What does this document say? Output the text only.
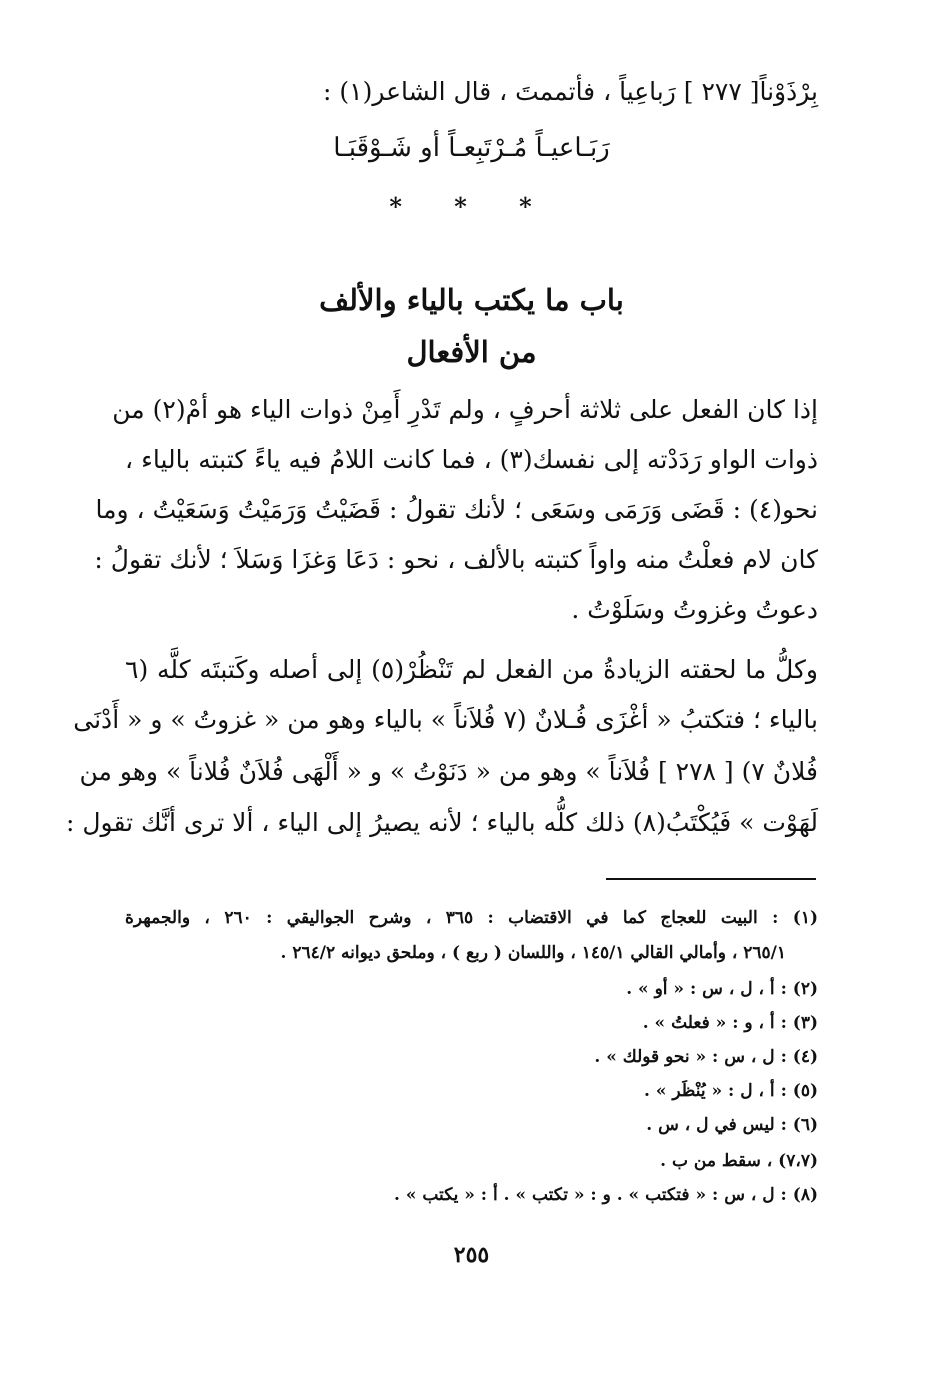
بِرْذَوْناً[ ٢٧٧ ] رَباعِياً ، فأتممتَ ، قال الشاعر(١) :
رَبَـاعيـاً مُـرْتَبِعـاً أو شَـوْقَبَـا
* * *
باب ما يكتب بالياء والألف
من الأفعال
إذا كان الفعل على ثلاثة أحرفٍ ، ولم تَدْرِ أَمِنْ ذوات الياء هو أمْ(٢) من
ذوات الواو رَدَدْته إلى نفسك(٣) ، فما كانت اللامُ فيه ياءً كتبته بالياء ،
نحو(٤) : قَضَى وَرَمَى وسَعَى ؛ لأنك تقولُ : قَضَيْتُ وَرَمَيْتُ وَسَعَيْتُ ، وما
كان لام فعلْتُ منه واواً كتبته بالألف ، نحو : دَعَا وَغزَا وَسَلاَ ؛ لأنك تقولُ :
دعوتُ وغزوتُ وسَلَوْتُ .
وكلُّ ما لحقته الزيادةُ من الفعل لم تَنْظُرْ(٥) إلى أصله وكَتبتَه كلَّه (٦
بالياء ؛ فتكتبُ « أغْزَى فُـلانٌ (٧ فُلاَناً » بالياء وهو من « غزوتُ » و « أَدْنَى
فُلانٌ ٧) [ ٢٧٨ ] فُلاَناً » وهو من « دَنَوْتُ » و « أَلْهَى فُلاَنٌ فُلاناً » وهو من
لَهَوْت » فَيُكْتَبُ(٨) ذلك كلُّه بالياء ؛ لأنه يصيرُ إلى الياء ، ألا ترى أنَّك تقول :
(١) : البيت للعجاج كما في الاقتضاب : ٣٦٥ ، وشرح الجواليقي : ٢٦٠ ، والجمهرة
٢٦٥/١ ، وأمالي القالي ١٤٥/١ ، واللسان ( ربع ) ، وملحق ديوانه ٢٦٤/٢ .
(٢) : أ ، ل ، س : « أو » .
(٣) : أ ، و : « فعلتُ » .
(٤) : ل ، س : « نحو قولك » .
(٥) : أ ، ل : « يُنْظَر » .
(٦) : ليس في ل ، س .
(٧،٧) ، سقط من ب .
(٨) : ل ، س : « فتكتب » . و : « تكتب » . أ : « يكتب » .
٢٥٥
